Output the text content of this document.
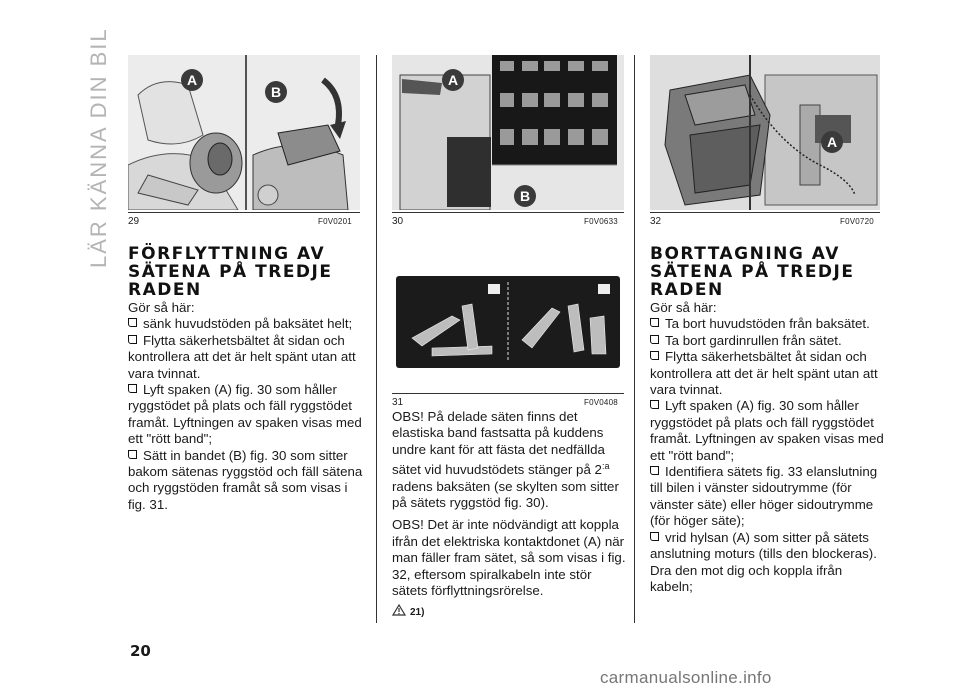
LÄR KÄNNA DIN BIL	A
B
29	F0V0201
FÖRFLYTTNING AV
SÄTENA PÅ TREDJE
RADEN

Gör så här:

sänk huvudstöden på baksätet helt;

Flytta säkerhetsbältet åt sidan och kontrollera att det är helt spänt utan att vara tvinnat.

Lyft spaken (A) fig. 30 som håller ryggstödet på plats och fäll ryggstödet framåt. Lyftningen av spaken visas med ett "rött band";

Sätt in bandet (B) fig. 30 som sitter bakom sätenas ryggstöd och fäll sätena och ryggstöden framåt så som visas i fig. 31.

A
B
30	F0V0633
31	F0V0408

OBS! På delade säten finns det elastiska band fastsatta på kuddens undre kant för att fästa det nedfällda sätet vid huvudstödets stänger på $2^{:a}$ radens baksäten (se skylten som sitter på sätets ryggstöd fig. 30).

OBS! Det är inte nödvändigt att koppla ifrån det elektriska kontaktdonet (A) när man fäller fram sätet, så som visas i fig. 32, eftersom spiralkabeln inte stör sätets förflyttningsrörelse.

21)

A
32	F0V0720
BORTTAGNING AV
SÄTENA PÅ TREDJE
RADEN

Gör så här:

Ta bort huvudstöden från baksätet.

Ta bort gardinrullen från sätet.

Flytta säkerhetsbältet åt sidan och kontrollera att det är helt spänt utan att vara tvinnat.

Lyft spaken (A) fig. 30 som håller ryggstödet på plats och fäll ryggstödet framåt. Lyftningen av spaken visas med ett "rött band";

Identifiera sätets fig. 33 elanslutning till bilen i vänster sidoutrymme (för vänster säte) eller höger sidoutrymme (för höger säte);

vrid hylsan (A) som sitter på sätets anslutning moturs (tills den blockeras). Dra den mot dig och koppla ifrån kabeln;

20
carmanualsonline.info
